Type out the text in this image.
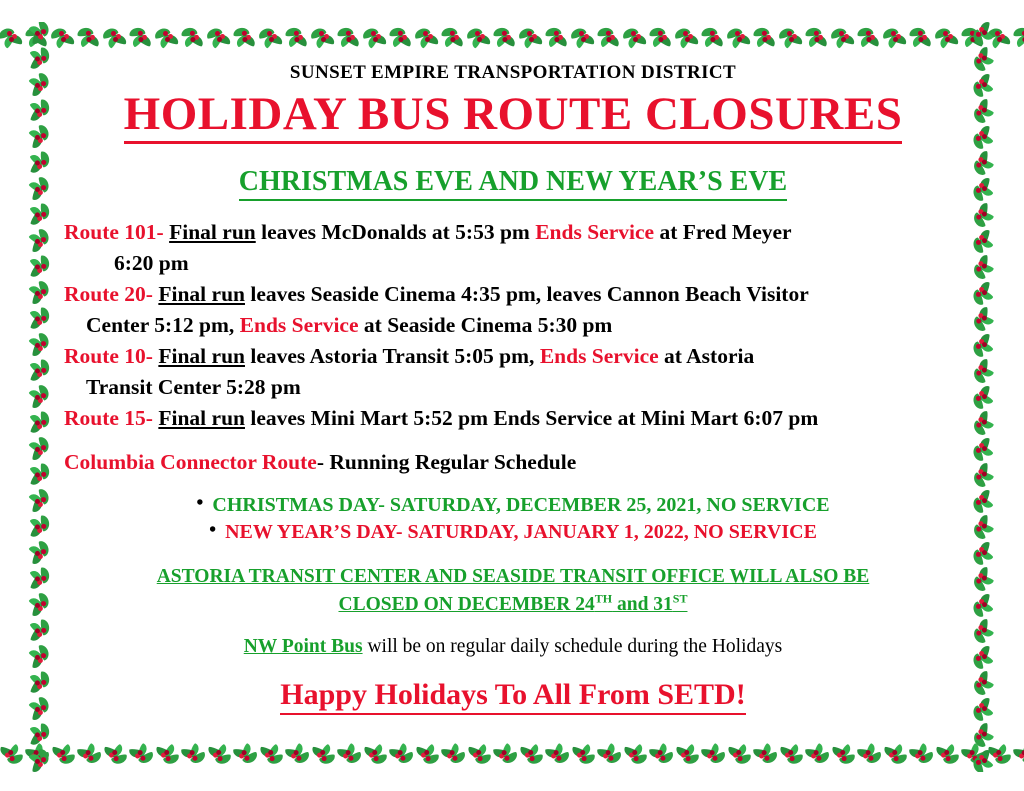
SUNSET EMPIRE TRANSPORTATION DISTRICT
HOLIDAY BUS ROUTE CLOSURES
CHRISTMAS EVE AND NEW YEAR’S EVE
Route 101- Final run leaves McDonalds at 5:53 pm Ends Service at Fred Meyer
6:20 pm
Route 20- Final run leaves Seaside Cinema 4:35 pm, leaves Cannon Beach Visitor
Center 5:12 pm, Ends Service at Seaside Cinema 5:30 pm
Route 10- Final run leaves Astoria Transit 5:05 pm, Ends Service at Astoria
Transit Center 5:28 pm
Route 15- Final run leaves Mini Mart 5:52 pm Ends Service at Mini Mart 6:07 pm
Columbia Connector Route- Running Regular Schedule
• CHRISTMAS DAY- SATURDAY, DECEMBER 25, 2021, NO SERVICE
• NEW YEAR’S DAY- SATURDAY, JANUARY 1, 2022, NO SERVICE
ASTORIA TRANSIT CENTER AND SEASIDE TRANSIT OFFICE WILL ALSO BE
CLOSED ON DECEMBER 24TH and 31ST
NW Point Bus will be on regular daily schedule during the Holidays
Happy Holidays To All From SETD!
